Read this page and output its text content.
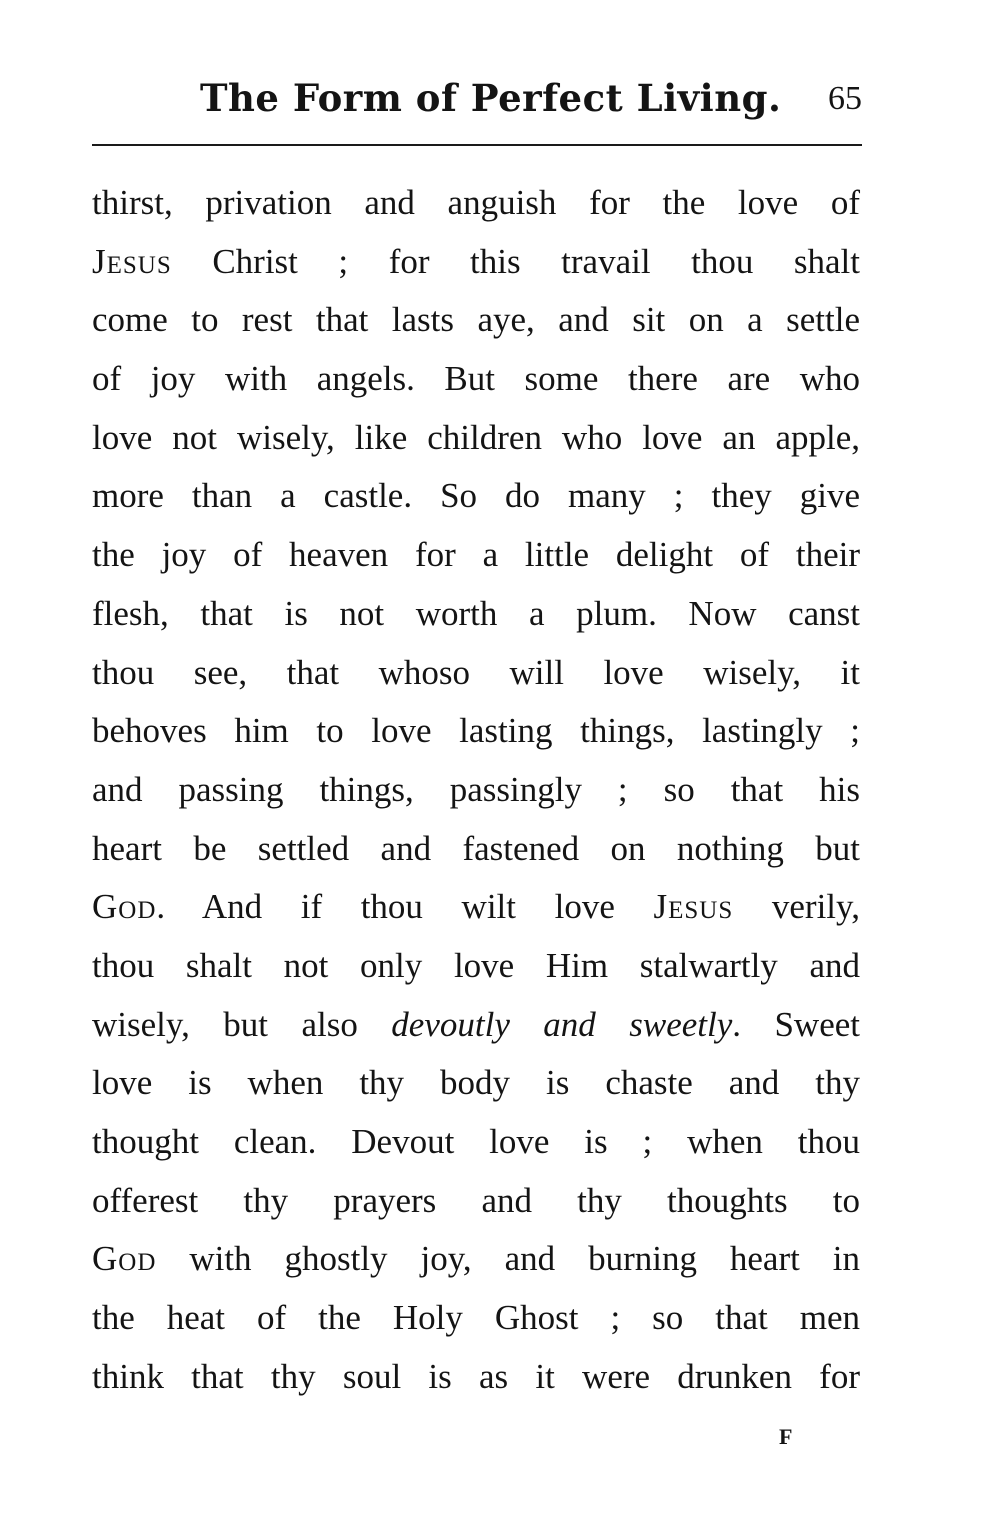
The Form of Perfect Living. 65
thirst, privation and anguish for the love of
Jesus Christ ; for this travail thou shalt
come to rest that lasts aye, and sit on a settle
of joy with angels. But some there are who
love not wisely, like children who love an apple,
more than a castle. So do many ; they give
the joy of heaven for a little delight of their
flesh, that is not worth a plum. Now canst
thou see, that whoso will love wisely, it
behoves him to love lasting things, lastingly ;
and passing things, passingly ; so that his
heart be settled and fastened on nothing but
God. And if thou wilt love Jesus verily,
thou shalt not only love Him stalwartly and
wisely, but also devoutly and sweetly. Sweet
love is when thy body is chaste and thy
thought clean. Devout love is ; when thou
offerest thy prayers and thy thoughts to
God with ghostly joy, and burning heart in
the heat of the Holy Ghost ; so that men
think that thy soul is as it were drunken for
F
